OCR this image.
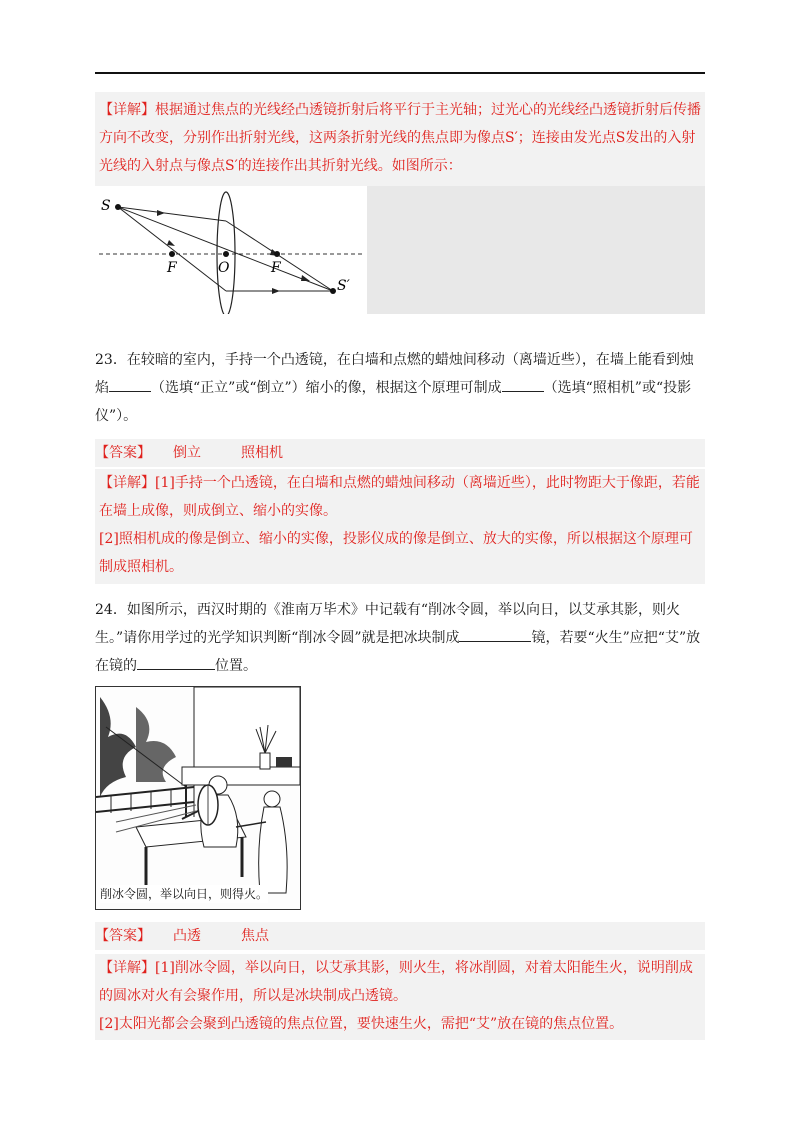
【详解】根据通过焦点的光线经凸透镜折射后将平行于主光轴；过光心的光线经凸透镜折射后传播方向不改变，分别作出折射光线，这两条折射光线的焦点即为像点S′；连接由发光点S发出的入射光线的入射点与像点S′的连接作出其折射光线。如图所示：

S
F	O	F
S′

23．在较暗的室内，手持一个凸透镜，在白墙和点燃的蜡烛间移动（离墙近些），在墙上能看到烛焰	（选填“正立”或“倒立”）缩小的像，根据这个原理可制成	（选填“照相机”或“投影仪”）。

【答案】 倒立	照相机

【详解】[1]手持一个凸透镜，在白墙和点燃的蜡烛间移动（离墙近些），此时物距大于像距，若能在墙上成像，则成倒立、缩小的实像。

[2]照相机成的像是倒立、缩小的实像，投影仪成的像是倒立、放大的实像，所以根据这个原理可制成照相机。

24．如图所示，西汉时期的《淮南万毕术》中记载有“削冰令圆，举以向日，以艾承其影，则火生。”请你用学过的光学知识判断“削冰令圆”就是把冰块制成	镜，若要“火生”应把“艾”放在镜的	位置。

削冰令圆，举以向日，则得火。
【答案】 凸透	焦点

【详解】[1]削冰令圆，举以向日，以艾承其影，则火生，将冰削圆，对着太阳能生火，说明削成的圆冰对火有会聚作用，所以是冰块制成凸透镜。

[2]太阳光都会会聚到凸透镜的焦点位置，要快速生火，需把“艾”放在镜的焦点位置。
